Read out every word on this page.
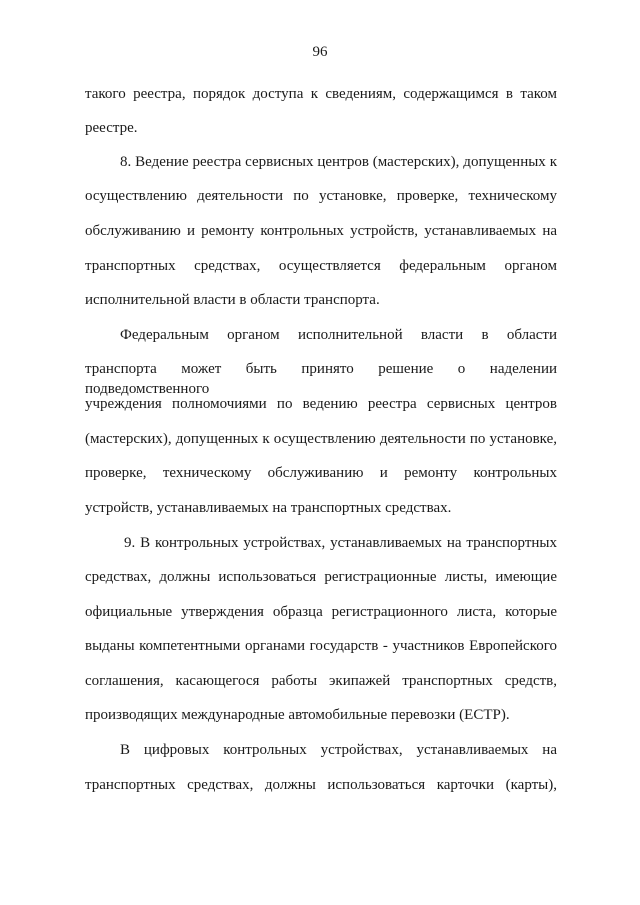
96
такого реестра, порядок доступа к сведениям, содержащимся в таком
реестре.
8. Ведение реестра сервисных центров (мастерских), допущенных к
осуществлению деятельности по установке, проверке, техническому
обслуживанию и ремонту контрольных устройств, устанавливаемых на
транспортных средствах, осуществляется федеральным органом
исполнительной власти в области транспорта.
Федеральным органом исполнительной власти в области
транспорта может быть принято решение о наделении подведомственного
учреждения полномочиями по ведению реестра сервисных центров
(мастерских), допущенных к осуществлению деятельности по установке,
проверке, техническому обслуживанию и ремонту контрольных
устройств, устанавливаемых на транспортных средствах.
9. В контрольных устройствах, устанавливаемых на транспортных
средствах, должны использоваться регистрационные листы, имеющие
официальные утверждения образца регистрационного листа, которые
выданы компетентными органами государств - участников Европейского
соглашения, касающегося работы экипажей транспортных средств,
производящих международные автомобильные перевозки (ЕСТР).
В цифровых контрольных устройствах, устанавливаемых на
транспортных средствах, должны использоваться карточки (карты),
